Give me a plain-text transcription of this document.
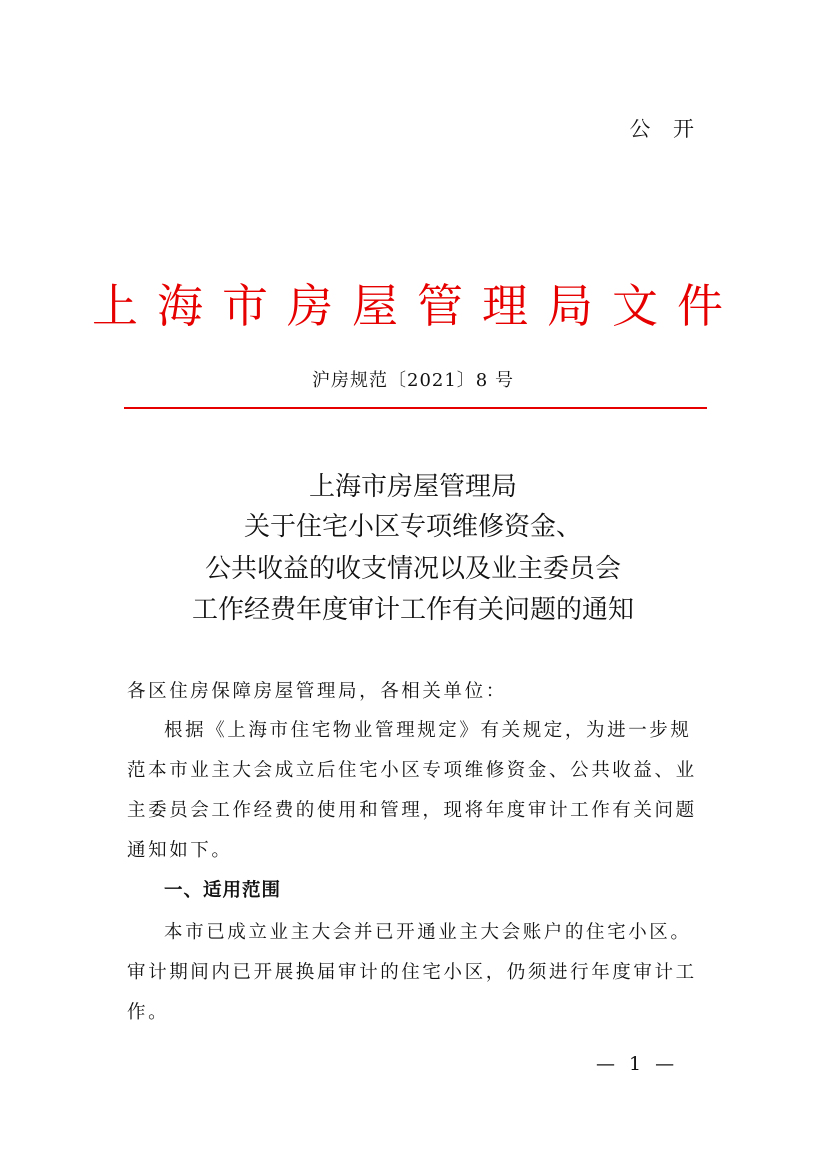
公 开
上海市房屋管理局文件
沪房规范〔2021〕8 号
上海市房屋管理局
关于住宅小区专项维修资金、
公共收益的收支情况以及业主委员会
工作经费年度审计工作有关问题的通知
各区住房保障房屋管理局，各相关单位：
根据《上海市住宅物业管理规定》有关规定，为进一步规
范本市业主大会成立后住宅小区专项维修资金、公共收益、业
主委员会工作经费的使用和管理，现将年度审计工作有关问题
通知如下。
一、适用范围
本市已成立业主大会并已开通业主大会账户的住宅小区。
审计期间内已开展换届审计的住宅小区，仍须进行年度审计工
作。
— 1 —
